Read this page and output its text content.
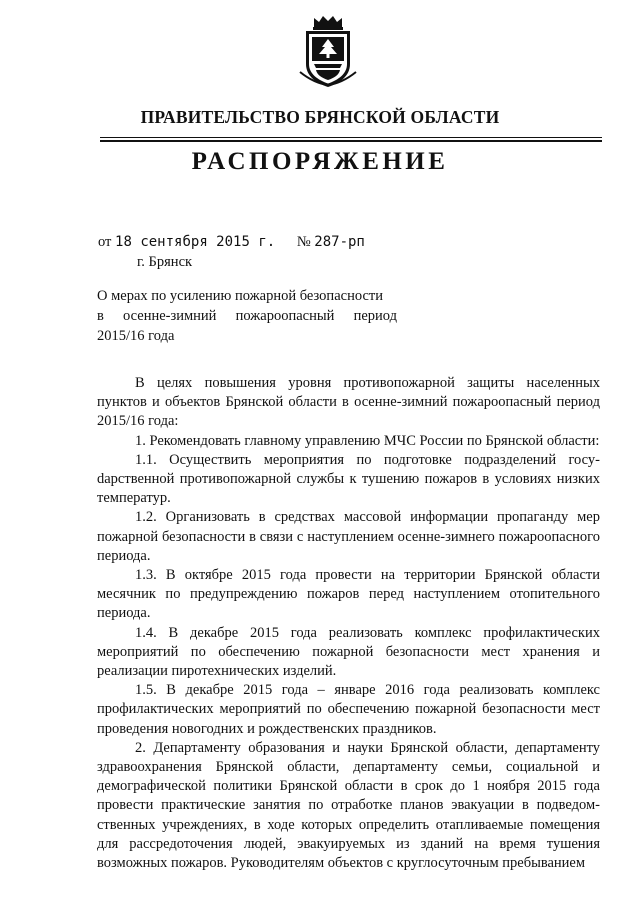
ПРАВИТЕЛЬСТВО БРЯНСКОЙ ОБЛАСТИ
РАСПОРЯЖЕНИЕ
от 18 сентября 2015 г. № 287-рп
г. Брянск
О мерах по усилению пожарной безопасности
в осенне-зимний пожароопасный период
2015/16 года

В целях повышения уровня противопожарной защиты населенных пунктов и объектов Брянской области в осенне-зимний пожароопасный период 2015/16 года:

1. Рекомендовать главному управлению МЧС России по Брянской области:

1.1. Осуществить мероприятия по подготовке подразделений госуdарственной противопожарной службы к тушению пожаров в условиях низких температур.

1.2. Организовать в средствах массовой информации пропаганду мер пожарной безопасности в связи с наступлением осенне-зимнего пожароопасного периода.

1.3. В октябре 2015 года провести на территории Брянской области месячник по предупреждению пожаров перед наступлением отопительного периода.

1.4. В декабре 2015 года реализовать комплекс профилактических мероприятий по обеспечению пожарной безопасности мест хранения и реализации пиротехнических изделий.

1.5. В декабре 2015 года – январе 2016 года реализовать комплекс профилактических мероприятий по обеспечению пожарной безопасности мест проведения новогодних и рождественских праздников.

2. Департаменту образования и науки Брянской области, департаменту здравоохранения Брянской области, департаменту семьи, социальной и демографической политики Брянской области в срок до 1 ноября 2015 года провести практические занятия по отработке планов эвакуации в подведомственных учреждениях, в ходе которых определить отапливаемые помещения для рассредоточения людей, эвакуируемых из зданий на время тушения возможных пожаров. Руководителям объектов с круглосуточным пребыванием
